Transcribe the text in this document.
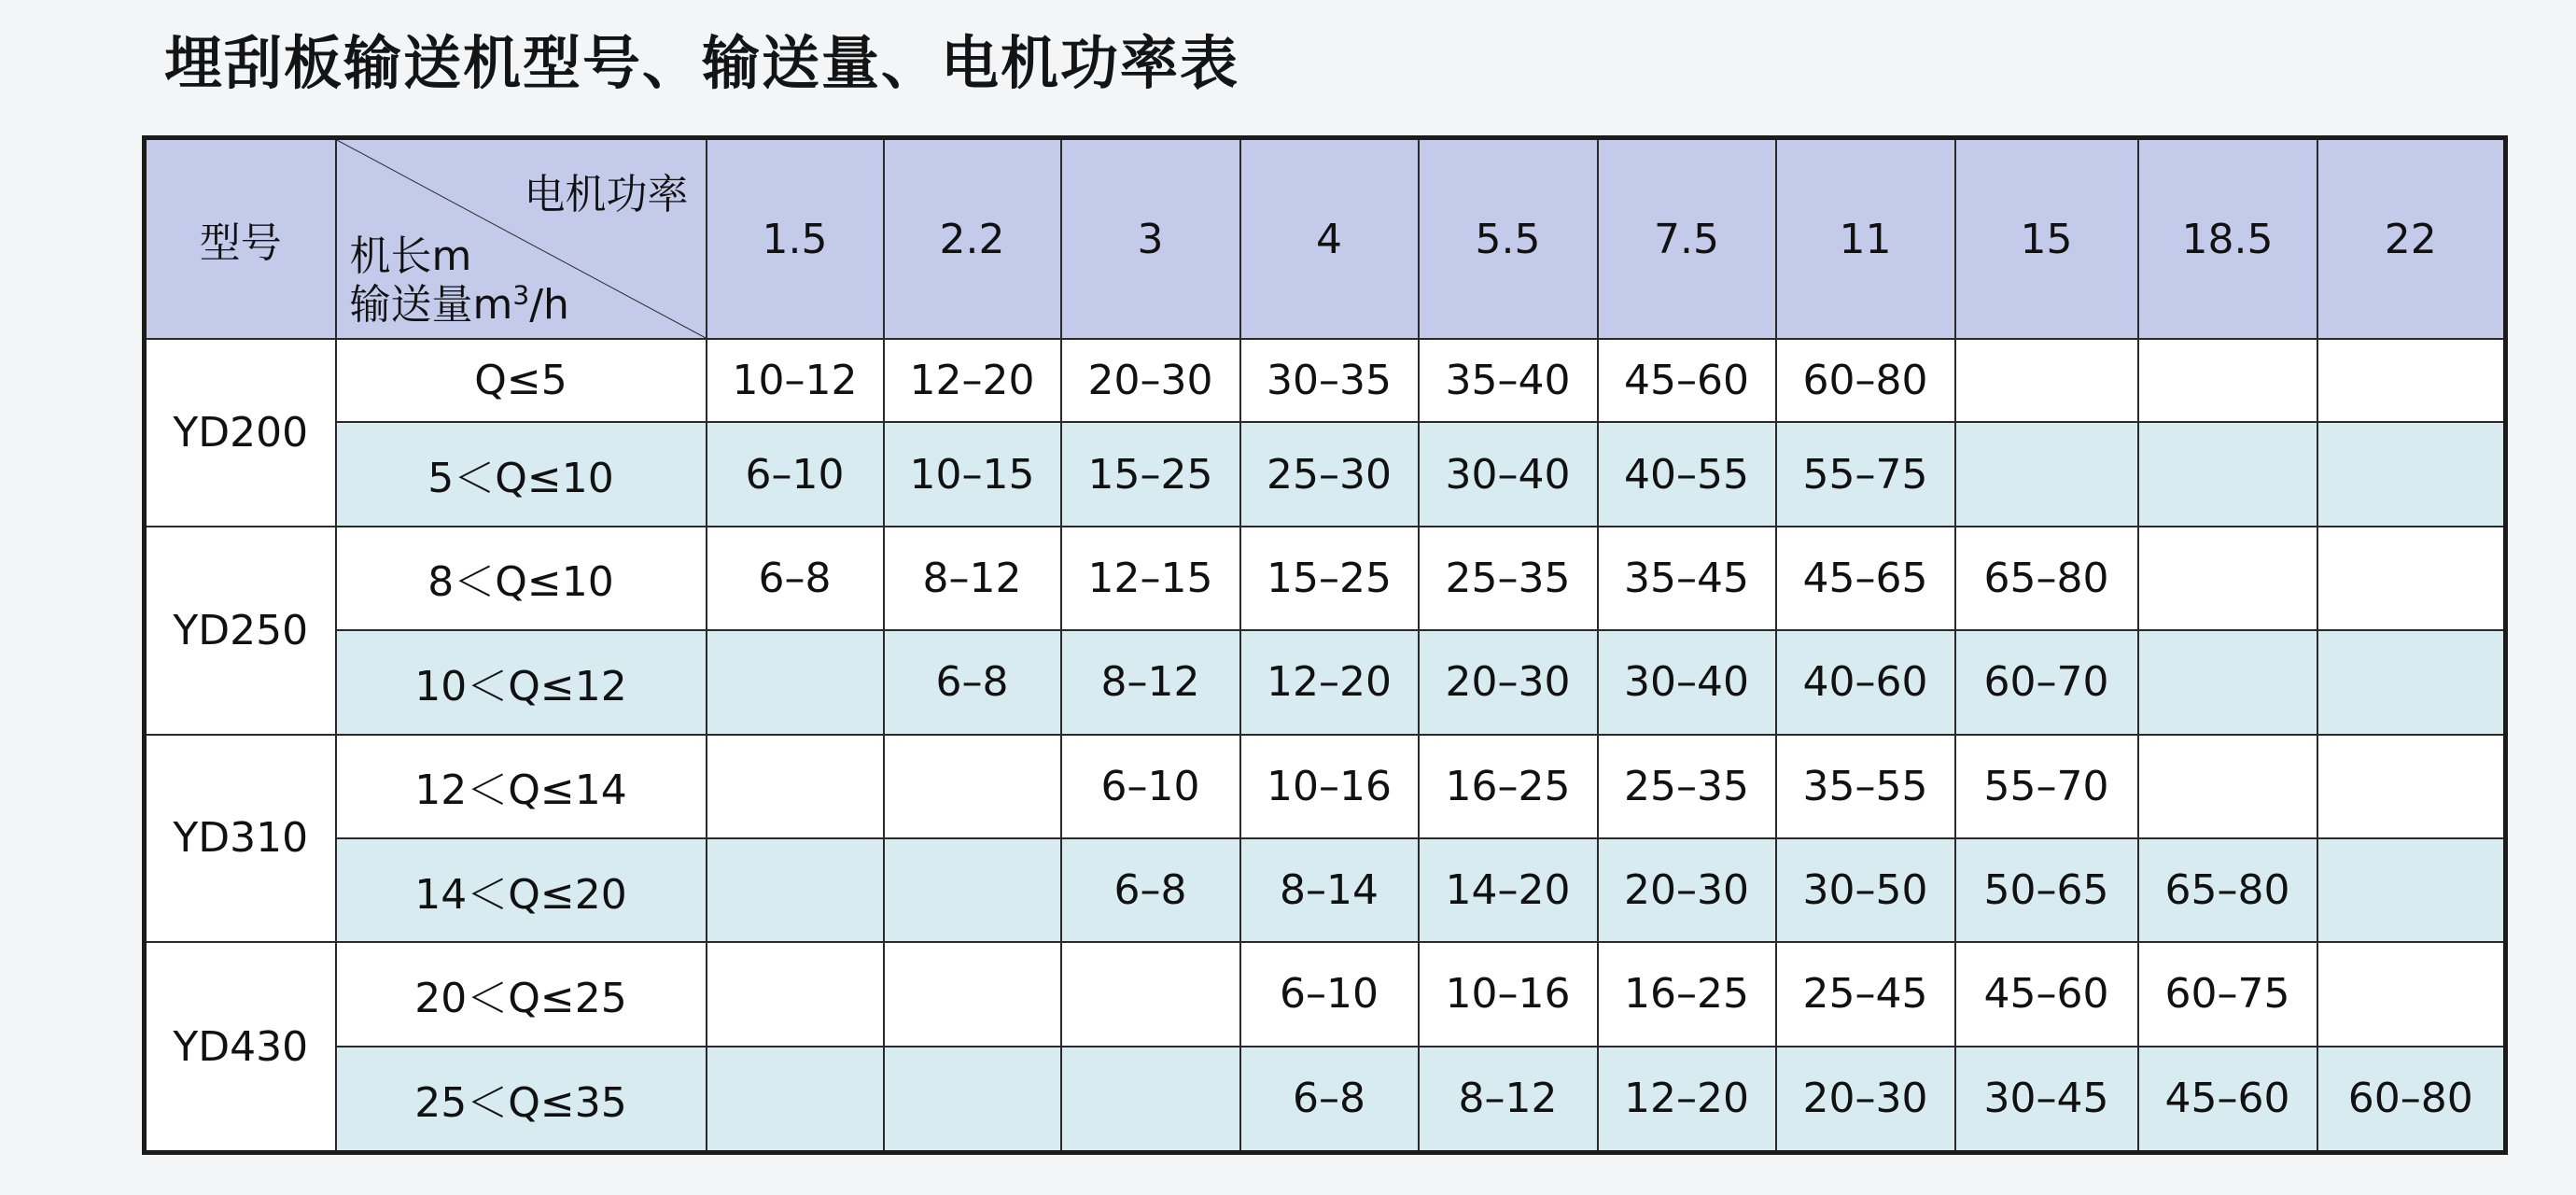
埋刮板输送机型号、输送量、电机功率表
型号	电机功率
机长m
输送量$m^3/h$	1.5	2.2	3	4	5.5	7.5	11	15	18.5	22
YD200	Q≤5	10–12	12–20	20–30	30–35	35–40	45–60	60–80			
	5＜Q≤10	6–10	10–15	15–25	25–30	30–40	40–55	55–75			
YD250	8＜Q≤10	6–8	8–12	12–15	15–25	25–35	35–45	45–65	65–80		
	10＜Q≤12		6–8	8–12	12–20	20–30	30–40	40–60	60–70		
YD310	12＜Q≤14			6–10	10–16	16–25	25–35	35–55	55–70		
	14＜Q≤20			6–8	8–14	14–20	20–30	30–50	50–65	65–80	
YD430	20＜Q≤25				6–10	10–16	16–25	25–45	45–60	60–75	
	25＜Q≤35				6–8	8–12	12–20	20–30	30–45	45–60	60–80
